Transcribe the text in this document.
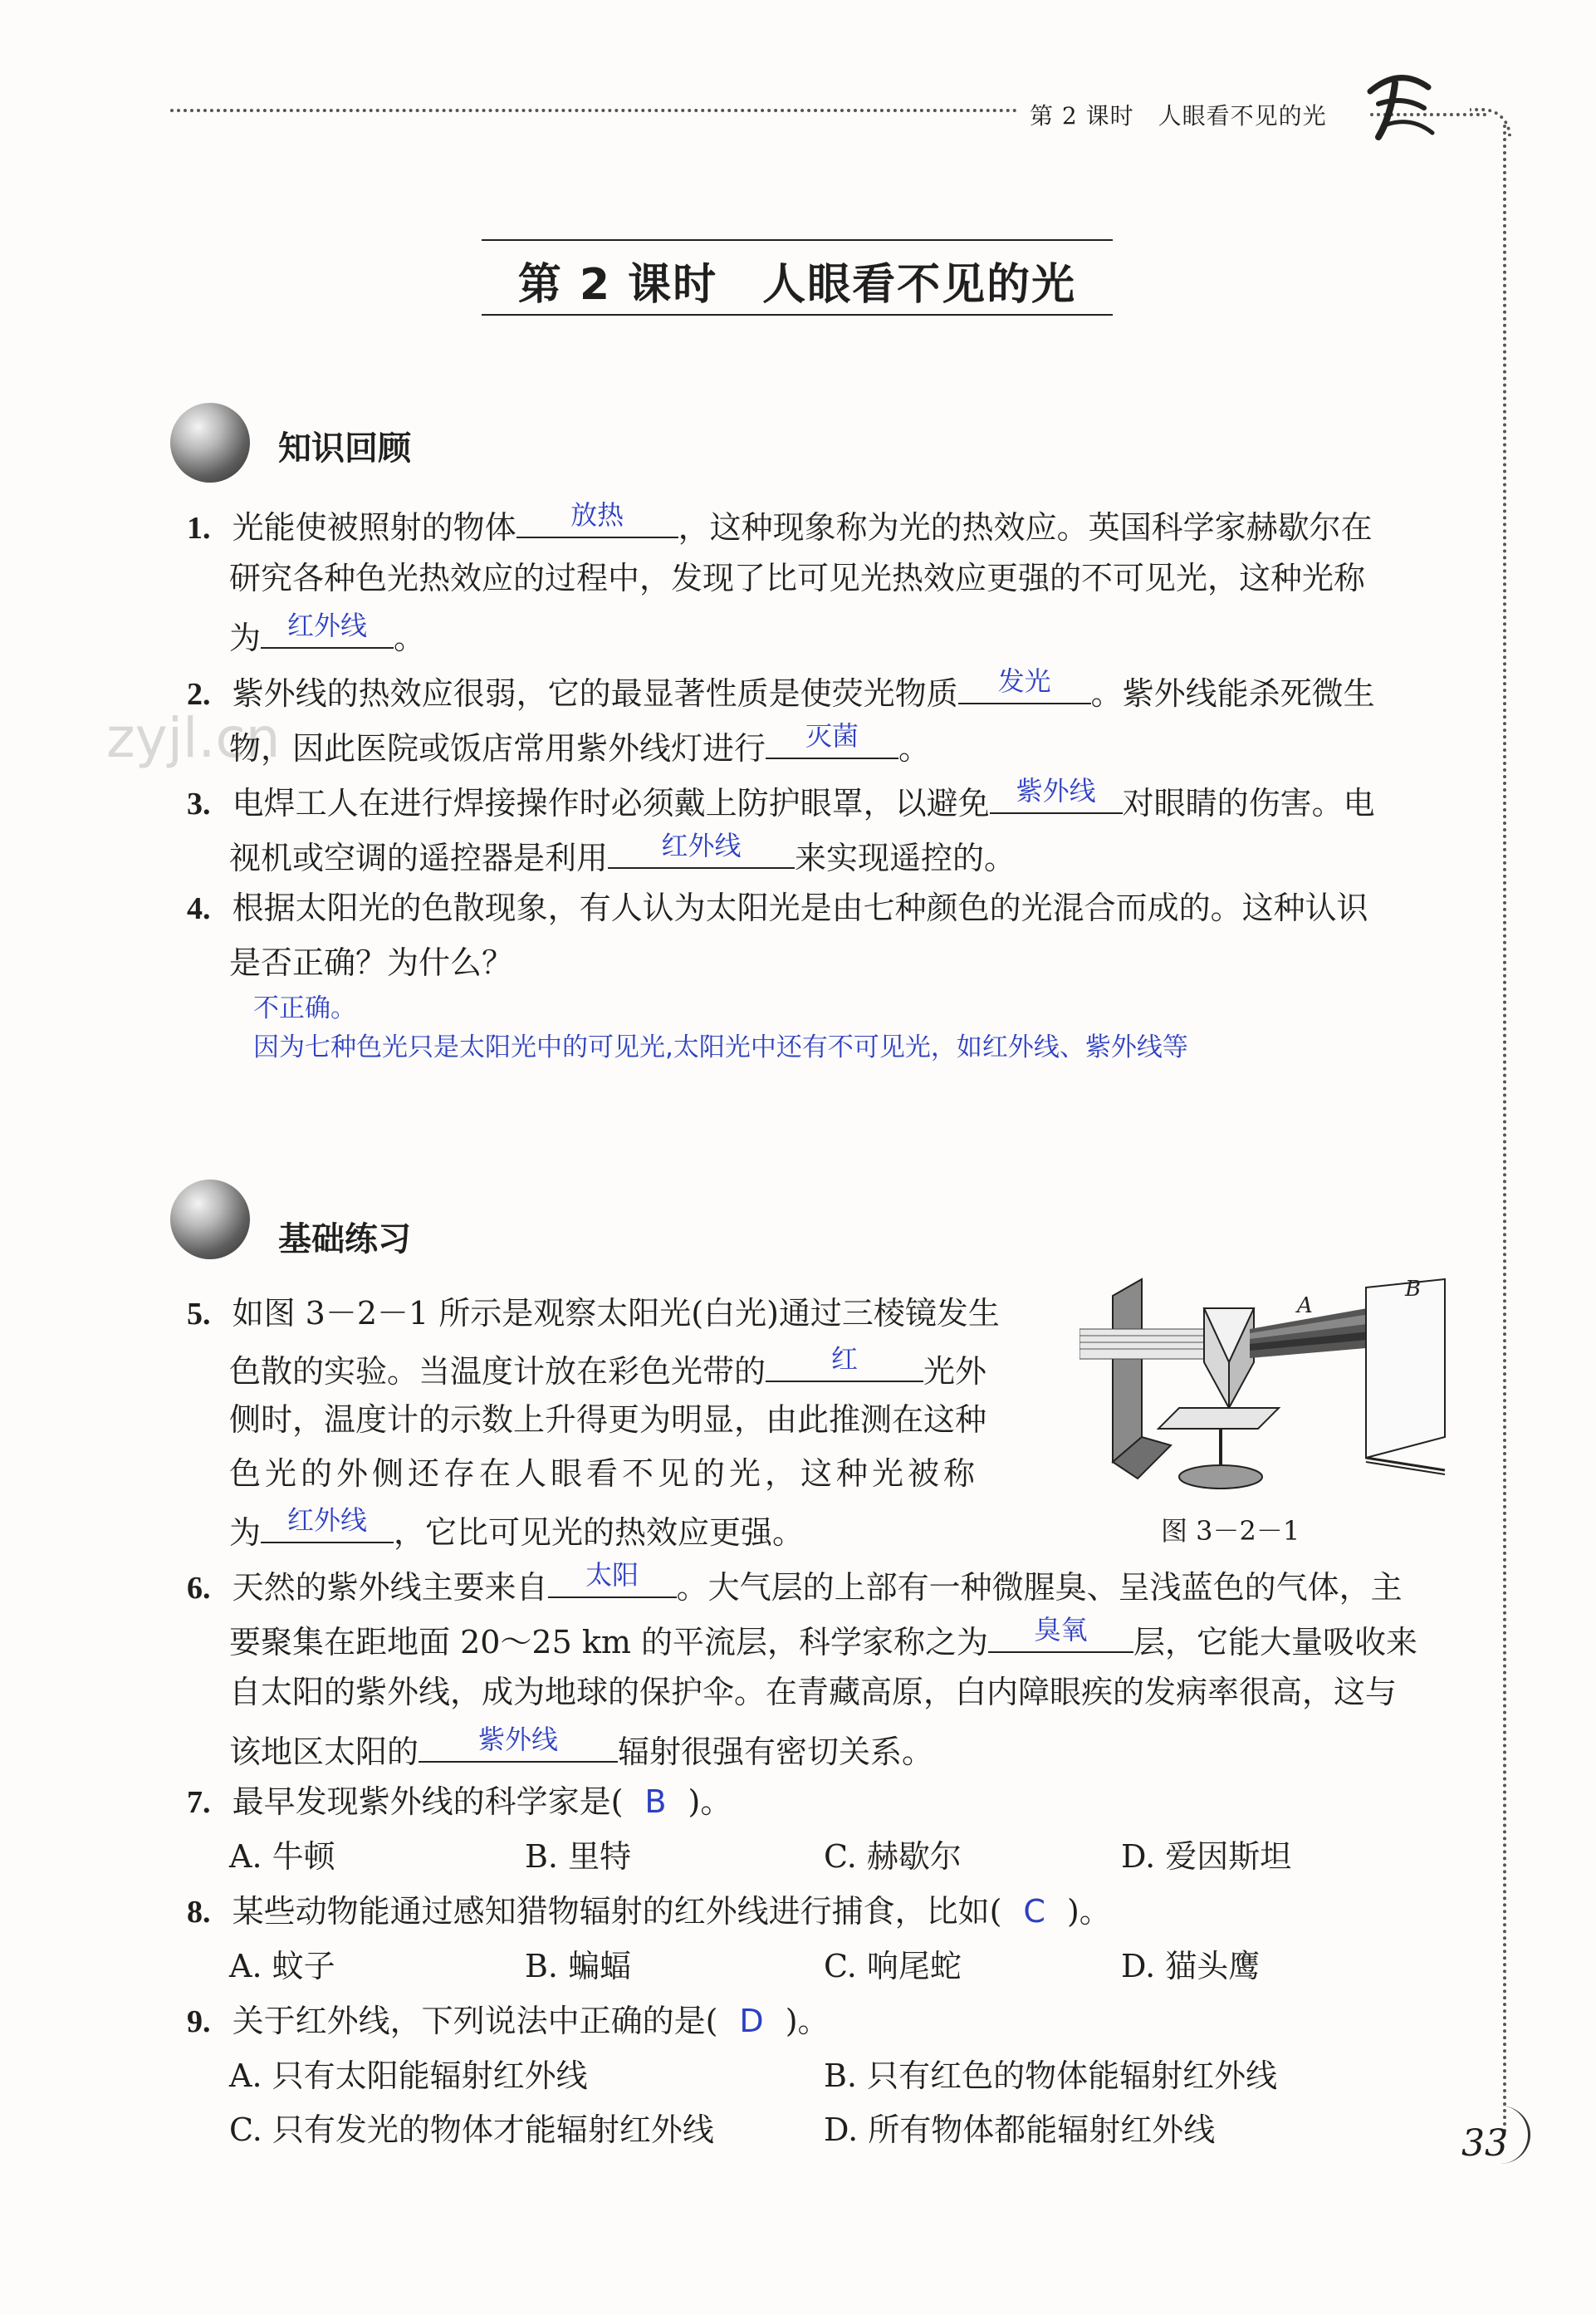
第 2 课时　人眼看不见的光
zyjl.cn
第 2 课时　人眼看不见的光
知识回顾
1. 光能使被照射的物体	放热	，这种现象称为光的热效应。英国科学家赫歇尔在
研究各种色光热效应的过程中，发现了比可见光热效应更强的不可见光，这种光称
为 红外线 。
2. 紫外线的热效应很弱，它的最显著性质是使荧光物质	发光	。紫外线能杀死微生
物，因此医院或饭店常用紫外线灯进行	灭菌	。
3. 电焊工人在进行焊接操作时必须戴上防护眼罩，以避免 紫外线 对眼睛的伤害。电
视机或空调的遥控器是利用	红外线	来实现遥控的。
4. 根据太阳光的色散现象，有人认为太阳光是由七种颜色的光混合而成的。这种认识
是否正确？为什么？
不正确。
因为七种色光只是太阳光中的可见光,太阳光中还有不可见光，如红外线、紫外线等
基础练习
5. 如图 3－2－1 所示是观察太阳光(白光)通过三棱镜发生
色散的实验。当温度计放在彩色光带的	红	光外
侧时，温度计的示数上升得更为明显，由此推测在这种
色光的外侧还存在人眼看不见的光，这种光被称
为 红外线 ，它比可见光的热效应更强。
A
B
图 3－2－1
6. 天然的紫外线主要来自	太阳	。大气层的上部有一种微腥臭、呈浅蓝色的气体，主
要聚集在距地面 20～25 km 的平流层，科学家称之为	臭氧	层，它能大量吸收来
自太阳的紫外线，成为地球的保护伞。在青藏高原，白内障眼疾的发病率很高，这与
该地区太阳的	紫外线	辐射很强有密切关系。
7. 最早发现紫外线的科学家是( B )。
A. 牛顿	B. 里特	C. 赫歇尔	D. 爱因斯坦
8. 某些动物能通过感知猎物辐射的红外线进行捕食，比如( C )。
A. 蚊子	B. 蝙蝠	C. 响尾蛇	D. 猫头鹰
9. 关于红外线，下列说法中正确的是( D )。
A. 只有太阳能辐射红外线	B. 只有红色的物体能辐射红外线
C. 只有发光的物体才能辐射红外线	D. 所有物体都能辐射红外线	33
